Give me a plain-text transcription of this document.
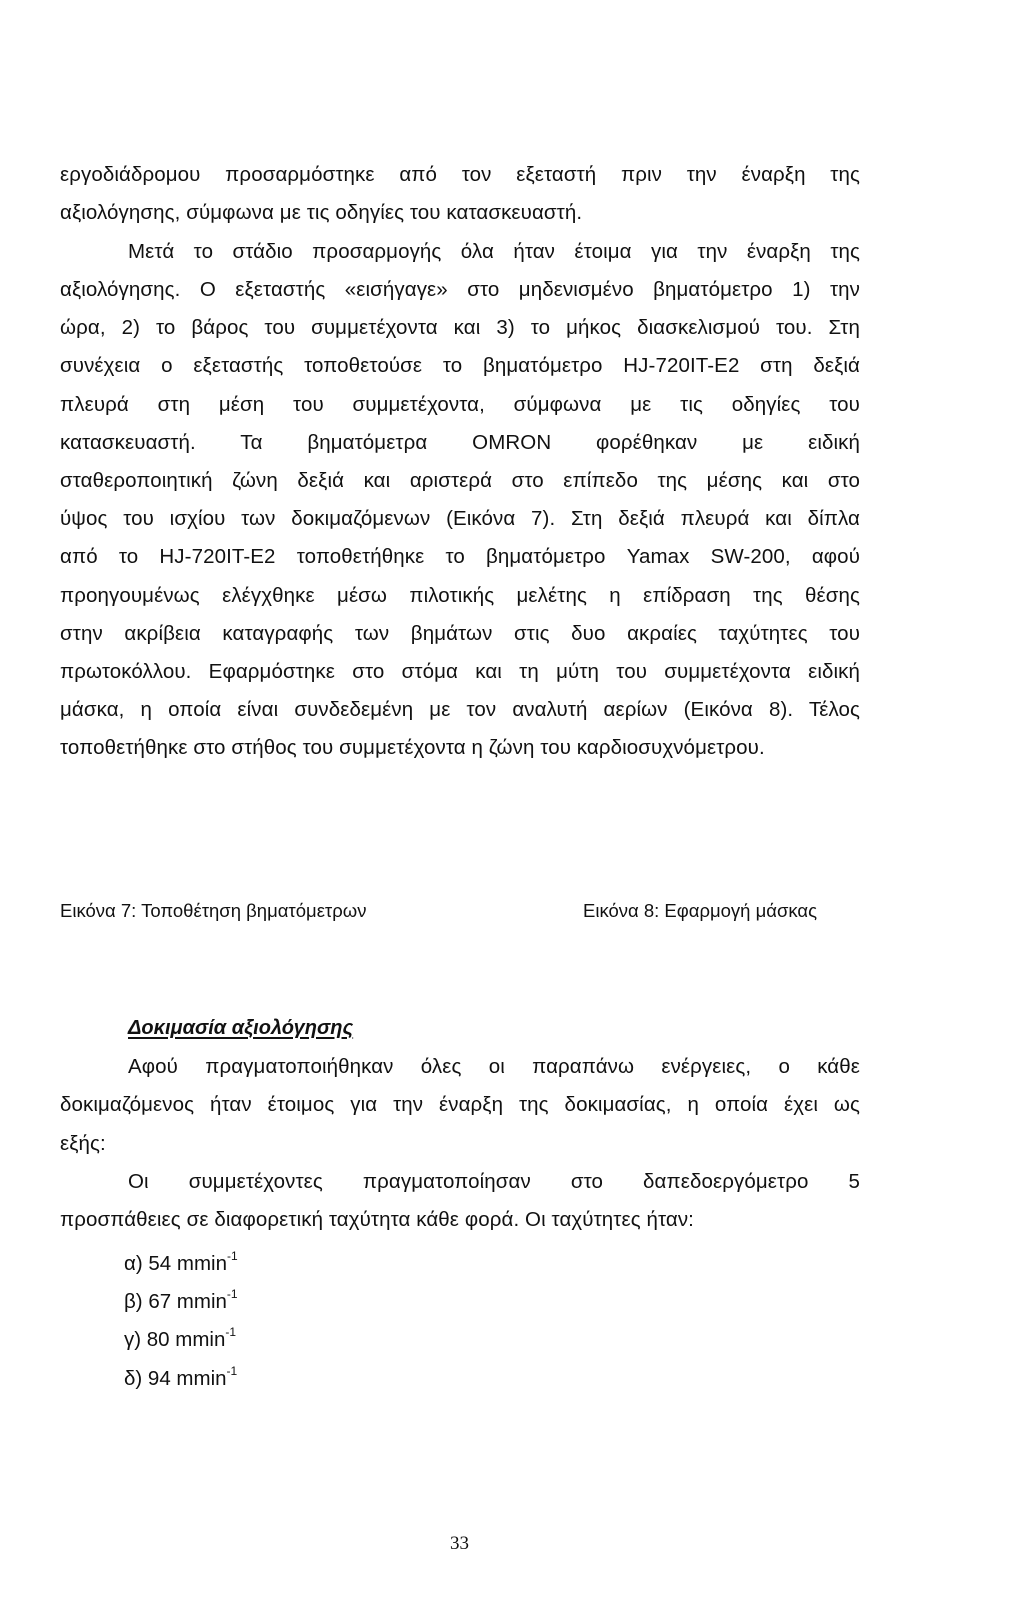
εργοδιάδρομου προσαρμόστηκε από τον εξεταστή πριν την έναρξη της
αξιολόγησης, σύμφωνα με τις οδηγίες του κατασκευαστή.
Μετά το στάδιο προσαρμογής όλα ήταν έτοιμα για την έναρξη της
αξιολόγησης. Ο εξεταστής «εισήγαγε» στο μηδενισμένο βηματόμετρο 1) την
ώρα, 2) το βάρος του συμμετέχοντα και 3) το μήκος διασκελισμού του. Στη
συνέχεια ο εξεταστής τοποθετούσε το βηματόμετρο HJ-720IT-E2 στη δεξιά
πλευρά στη μέση του συμμετέχοντα, σύμφωνα με τις οδηγίες του
κατασκευαστή. Τα βηματόμετρα OMRON φορέθηκαν με ειδική
σταθεροποιητική ζώνη δεξιά και αριστερά στο επίπεδο της μέσης και στο
ύψος του ισχίου των δοκιμαζόμενων (Εικόνα 7). Στη δεξιά πλευρά και δίπλα
από το HJ-720IT-E2 τοποθετήθηκε το βηματόμετρο Yamax SW-200, αφού
προηγουμένως ελέγχθηκε μέσω πιλοτικής μελέτης η επίδραση της θέσης
στην ακρίβεια καταγραφής των βημάτων στις δυο ακραίες ταχύτητες του
πρωτοκόλλου. Εφαρμόστηκε στο στόμα και τη μύτη του συμμετέχοντα ειδική
μάσκα, η οποία είναι συνδεδεμένη με τον αναλυτή αερίων (Εικόνα 8). Τέλος
τοποθετήθηκε στο στήθος του συμμετέχοντα η ζώνη του καρδιοσυχνόμετρου.
Εικόνα 7: Τοποθέτηση βηματόμετρων	Εικόνα 8: Εφαρμογή μάσκας
Δοκιμασία αξιολόγησης
Αφού πραγματοποιήθηκαν όλες οι παραπάνω ενέργειες, ο κάθε
δοκιμαζόμενος ήταν έτοιμος για την έναρξη της δοκιμασίας, η οποία έχει ως
εξής:
Οι συμμετέχοντες πραγματοποίησαν στο δαπεδοεργόμετρο 5
προσπάθειες σε διαφορετική ταχύτητα κάθε φορά. Οι ταχύτητες ήταν:
α) 54 mmin$^{-1}$
β) 67 mmin$^{-1}$
γ) 80 mmin$^{-1}$
δ) 94 mmin$^{-1}$
33
